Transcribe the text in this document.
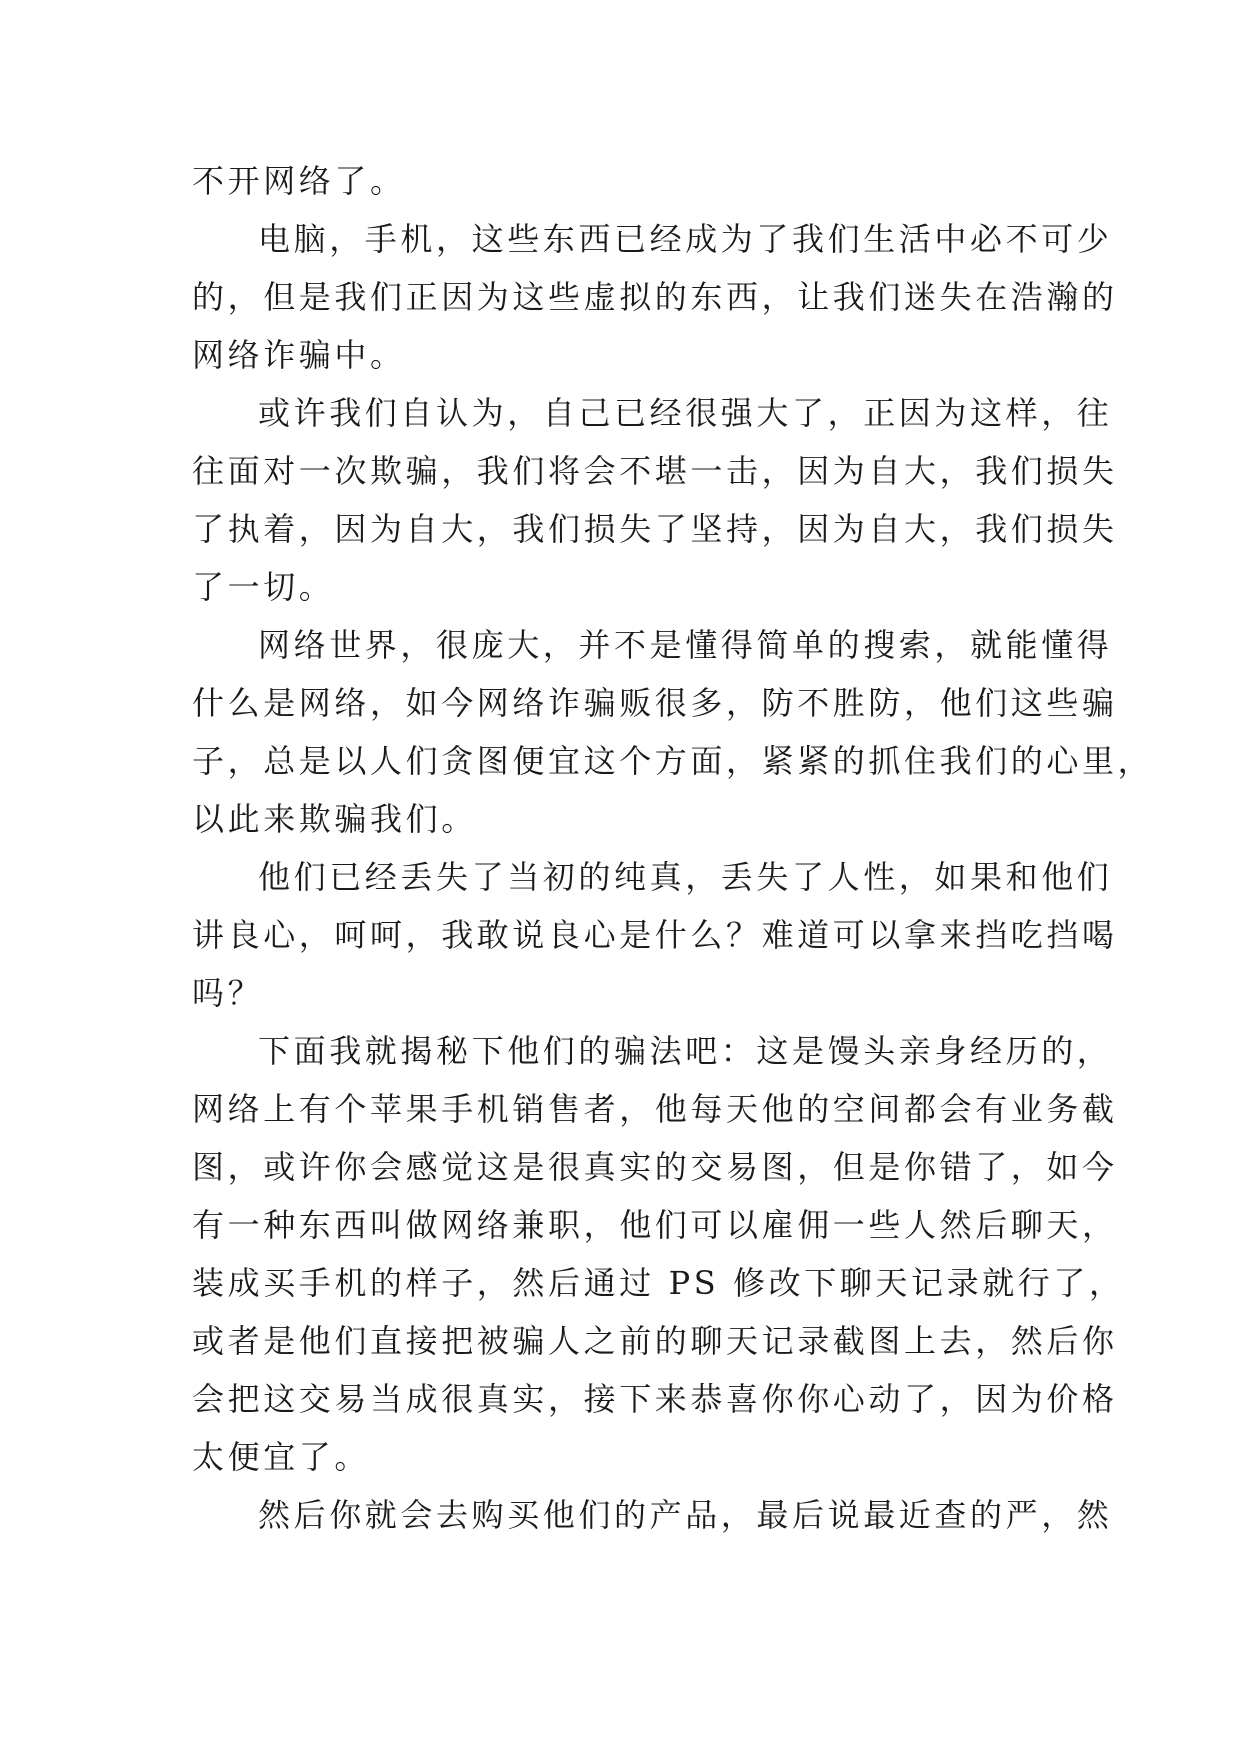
不开网络了。
电脑，手机，这些东西已经成为了我们生活中必不可少
的，但是我们正因为这些虚拟的东西，让我们迷失在浩瀚的
网络诈骗中。
或许我们自认为，自己已经很强大了，正因为这样，往
往面对一次欺骗，我们将会不堪一击，因为自大，我们损失
了执着，因为自大，我们损失了坚持，因为自大，我们损失
了一切。
网络世界，很庞大，并不是懂得简单的搜索，就能懂得
什么是网络，如今网络诈骗贩很多，防不胜防，他们这些骗
子，总是以人们贪图便宜这个方面，紧紧的抓住我们的心里，
以此来欺骗我们。
他们已经丢失了当初的纯真，丢失了人性，如果和他们
讲良心，呵呵，我敢说良心是什么？难道可以拿来挡吃挡喝
吗？
下面我就揭秘下他们的骗法吧：这是馒头亲身经历的，
网络上有个苹果手机销售者，他每天他的空间都会有业务截
图，或许你会感觉这是很真实的交易图，但是你错了，如今
有一种东西叫做网络兼职，他们可以雇佣一些人然后聊天，
装成买手机的样子，然后通过 PS 修改下聊天记录就行了，
或者是他们直接把被骗人之前的聊天记录截图上去，然后你
会把这交易当成很真实，接下来恭喜你你心动了，因为价格
太便宜了。
然后你就会去购买他们的产品，最后说最近查的严，然
